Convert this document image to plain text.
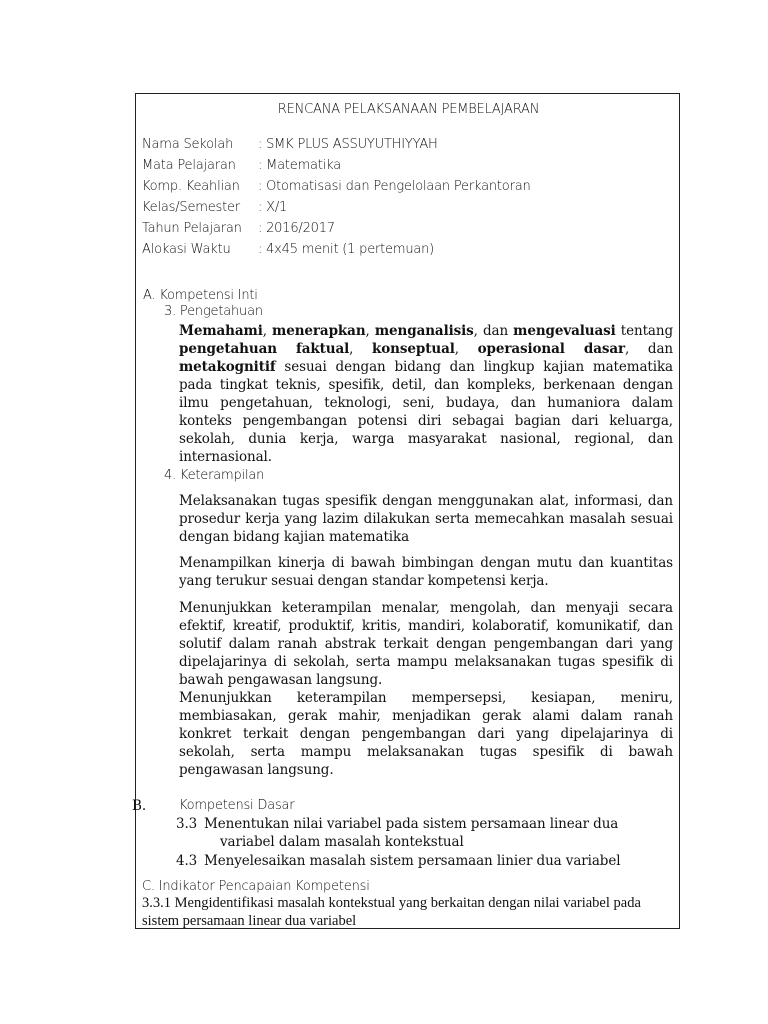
RENCANA PELAKSANAAN PEMBELAJARAN
Nama Sekolah : SMK PLUS ASSUYUTHIYYAH
Mata Pelajaran : Matematika
Komp. Keahlian : Otomatisasi dan Pengelolaan Perkantoran
Kelas/Semester : X/1
Tahun Pelajaran : 2016/2017
Alokasi Waktu : 4x45 menit (1 pertemuan)
A. Kompetensi Inti
3. Pengetahuan
Memahami, menerapkan, menganalisis, dan mengevaluasi tentang pengetahuan faktual, konseptual, operasional dasar, dan metakognitif sesuai dengan bidang dan lingkup kajian matematika pada tingkat teknis, spesifik, detil, dan kompleks, berkenaan dengan ilmu pengetahuan, teknologi, seni, budaya, dan humaniora dalam konteks pengembangan potensi diri sebagai bagian dari keluarga, sekolah, dunia kerja, warga masyarakat nasional, regional, dan internasional.
4. Keterampilan
Melaksanakan tugas spesifik dengan menggunakan alat, informasi, dan prosedur kerja yang lazim dilakukan serta memecahkan masalah sesuai dengan bidang kajian matematika
Menampilkan kinerja di bawah bimbingan dengan mutu dan kuantitas yang terukur sesuai dengan standar kompetensi kerja.
Menunjukkan keterampilan menalar, mengolah, dan menyaji secara efektif, kreatif, produktif, kritis, mandiri, kolaboratif, komunikatif, dan solutif dalam ranah abstrak terkait dengan pengembangan dari yang dipelajarinya di sekolah, serta mampu melaksanakan tugas spesifik di bawah pengawasan langsung.
Menunjukkan keterampilan mempersepsi, kesiapan, meniru, membiasakan, gerak mahir, menjadikan gerak alami dalam ranah konkret terkait dengan pengembangan dari yang dipelajarinya di sekolah, serta mampu melaksanakan tugas spesifik di bawah pengawasan langsung.
B.	Kompetensi Dasar
3.3 Menentukan nilai variabel pada sistem persamaan linear dua
variabel dalam masalah kontekstual
4.3 Menyelesaikan masalah sistem persamaan linier dua variabel
C. Indikator Pencapaian Kompetensi
3.3.1 Mengidentifikasi masalah kontekstual yang berkaitan dengan nilai variabel pada
sistem persamaan linear dua variabel
